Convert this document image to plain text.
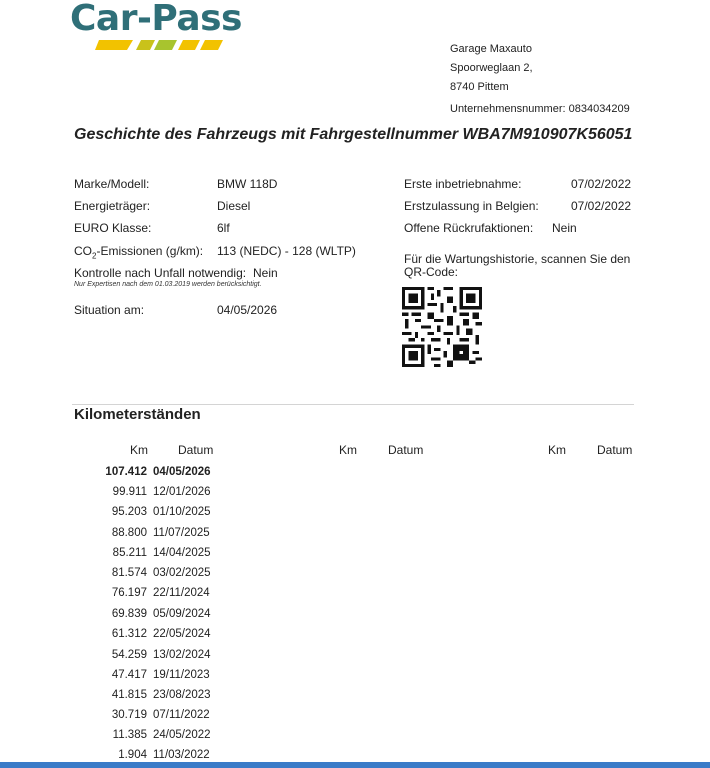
Car-Pass
Garage Maxauto
Spoorweglaan 2,
8740 Pittem
Unternehmensnummer: 0834034209
Geschichte des Fahrzeugs mit Fahrgestellnummer WBA7M910907K56051
Marke/Modell:	BMW 118D
Energieträger:	Diesel
EURO Klasse:	6lf
$CO_2$-Emissionen (g/km): 113 (NEDC) - 128 (WLTP)
Kontrolle nach Unfall notwendig: Nein
Nur Expertisen nach dem 01.03.2019 werden berücksichtigt.
Situation am:	04/05/2026
Erste inbetriebnahme:	07/02/2022
Erstzulassung in Belgien:	07/02/2022
Offene Rückrufaktionen: Nein
Für die Wartungshistorie, scannen Sie den QR-Code:
Kilometerständen
Km	Datum	Km	Datum	Km	Datum
107.412 04/05/2026
99.911 12/01/2026
95.203 01/10/2025
88.800 11/07/2025
85.211 14/04/2025
81.574 03/02/2025
76.197 22/11/2024
69.839 05/09/2024
61.312 22/05/2024
54.259 13/02/2024
47.417 19/11/2023
41.815 23/08/2023
30.719 07/11/2022
11.385 24/05/2022
1.904 11/03/2022
